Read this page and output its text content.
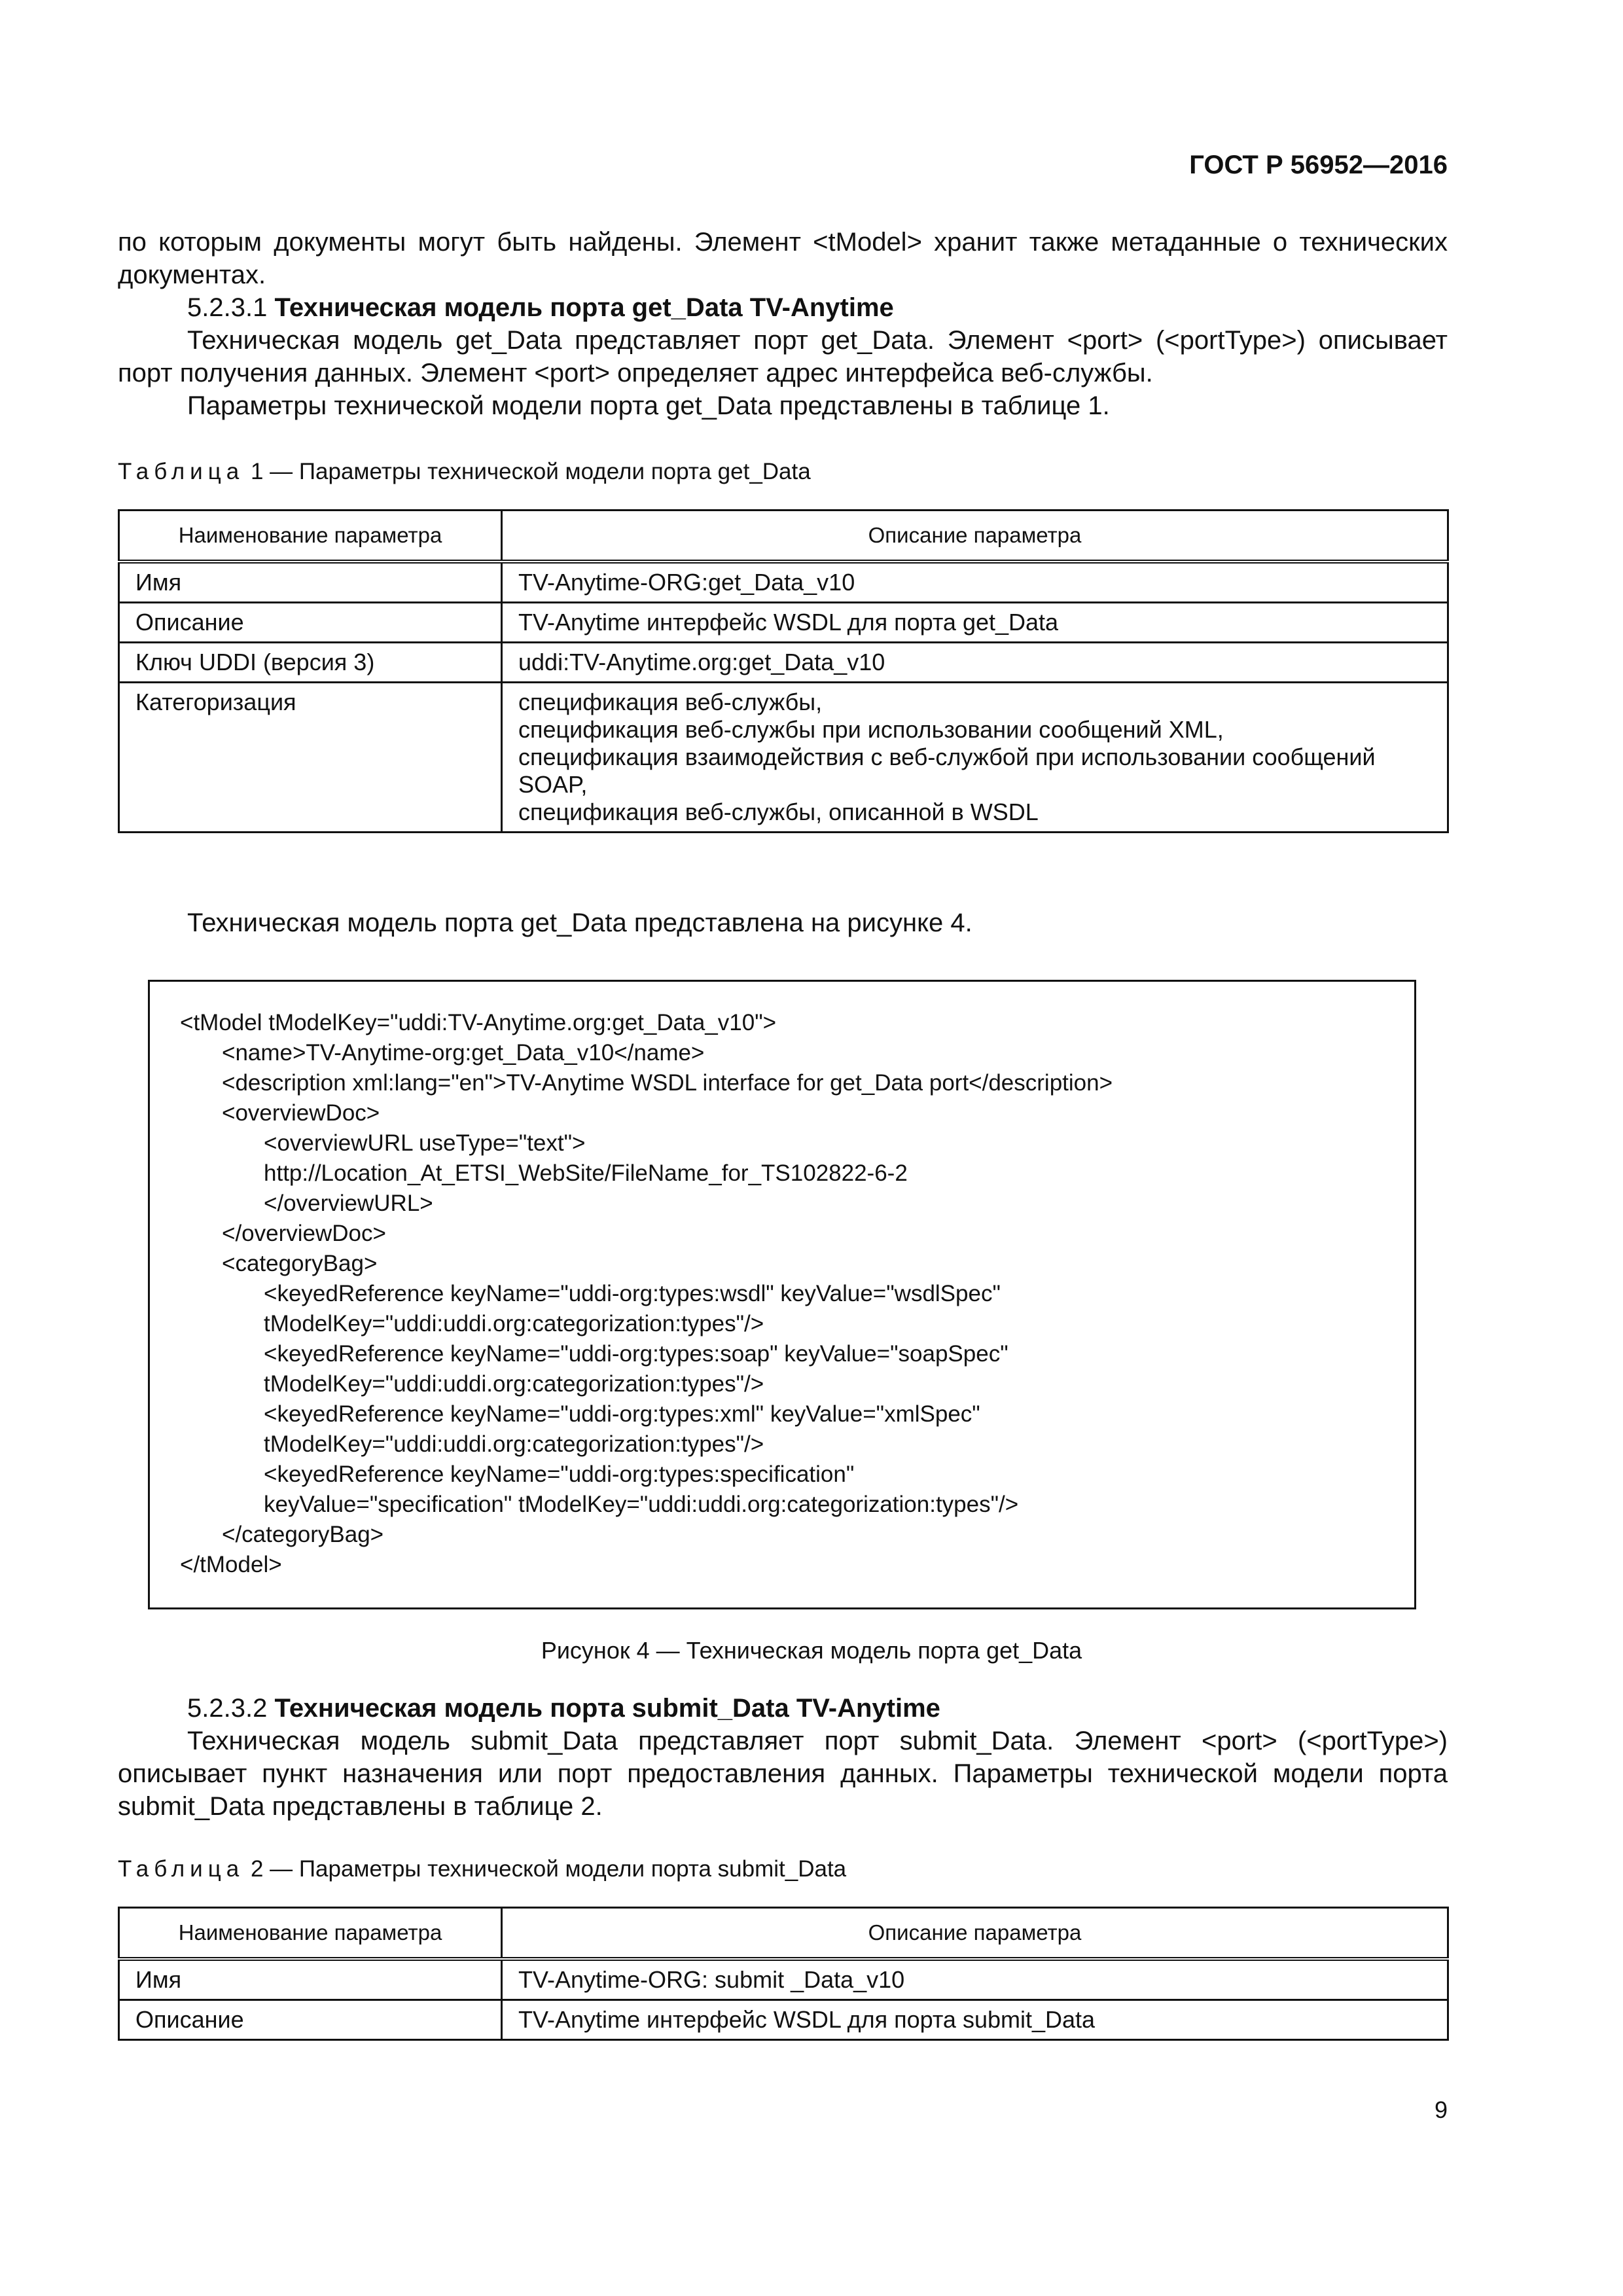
ГОСТ Р 56952—2016

по которым документы могут быть найдены. Элемент <tModel> хранит также метаданные о технических документах.

5.2.3.1 Техническая модель порта get_Data TV-Anytime

Техническая модель get_Data представляет порт get_Data. Элемент <port> (<portType>) описывает порт получения данных. Элемент <port> определяет адрес интерфейса веб-службы.

Параметры технической модели порта get_Data представлены в таблице 1.

Таблица 1 — Параметры технической модели порта get_Data
Наименование параметра	Описание параметра
Имя	TV-Anytime-ORG:get_Data_v10
Описание	TV-Anytime интерфейс WSDL для порта get_Data
Ключ UDDI (версия 3)	uddi:TV-Anytime.org:get_Data_v10
Категоризация	спецификация веб-службы,
спецификация веб-службы при использовании сообщений XML,
спецификация взаимодействия с веб-службой при использовании сообщений SOAP,
спецификация веб-службы, описанной в WSDL

Техническая модель порта get_Data представлена на рисунке 4.

<tModel tModelKey="uddi:TV-Anytime.org:get_Data_v10">
<name>TV-Anytime-org:get_Data_v10</name>
<description xml:lang="en">TV-Anytime WSDL interface for get_Data port</description>
<overviewDoc>
<overviewURL useType="text">
http://Location_At_ETSI_WebSite/FileName_for_TS102822-6-2
</overviewURL>
</overviewDoc>
<categoryBag>
<keyedReference keyName="uddi-org:types:wsdl" keyValue="wsdlSpec"
tModelKey="uddi:uddi.org:categorization:types"/>
<keyedReference keyName="uddi-org:types:soap" keyValue="soapSpec"
tModelKey="uddi:uddi.org:categorization:types"/>
<keyedReference keyName="uddi-org:types:xml" keyValue="xmlSpec"
tModelKey="uddi:uddi.org:categorization:types"/>
<keyedReference keyName="uddi-org:types:specification"
keyValue="specification" tModelKey="uddi:uddi.org:categorization:types"/>
</categoryBag>
</tModel>
Рисунок 4 — Техническая модель порта get_Data

5.2.3.2 Техническая модель порта submit_Data TV-Anytime

Техническая модель submit_Data представляет порт submit_Data. Элемент <port> (<portType>) описывает пункт назначения или порт предоставления данных. Параметры технической модели порта submit_Data представлены в таблице 2.

Таблица 2 — Параметры технической модели порта submit_Data
Наименование параметра	Описание параметра
Имя	TV-Anytime-ORG: submit _Data_v10
Описание	TV-Anytime интерфейс WSDL для порта submit_Data
9
